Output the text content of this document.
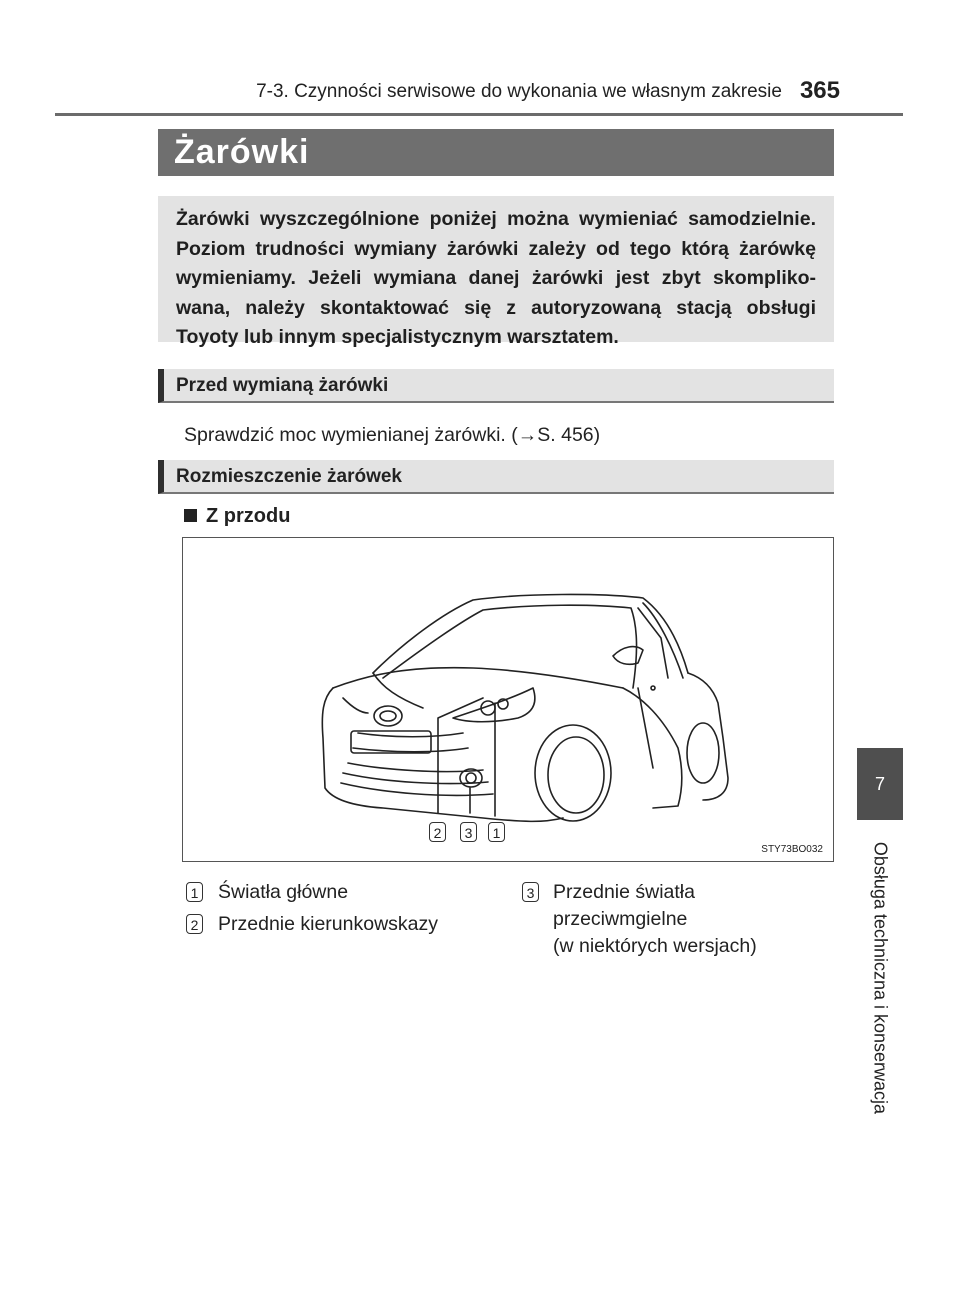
7-3. Czynności serwisowe do wykonania we własnym zakresie 365
7
Obsługa techniczna i konserwacja
Żarówki
Żarówki wyszczególnione poniżej można wymieniać samodzielnie. Poziom trudności wymiany żarówki zależy od tego którą żarówkę wymieniamy. Jeżeli wymiana danej żarówki jest zbyt skompliko-wana, należy skontaktować się z autoryzowaną stacją obsługi Toyoty lub innym specjalistycznym warsztatem.
Przed wymianą żarówki
Sprawdzić moc wymienianej żarówki. (→S. 456)
Rozmieszczenie żarówek
Z przodu
2	3	1
STY73BO032
1 Światła główne
2 Przednie kierunkowskazy
3 Przednie światła
przeciwmgielne
(w niektórych wersjach)
